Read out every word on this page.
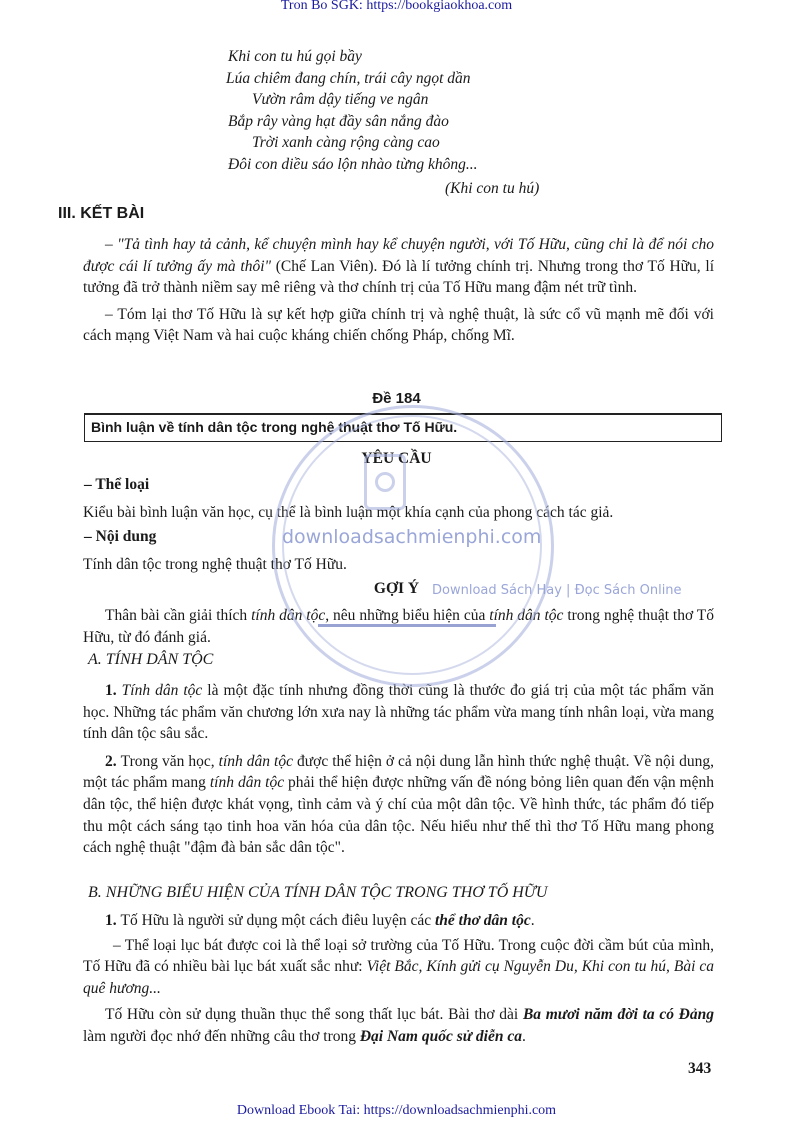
Tron Bo SGK: https://bookgiaokhoa.com
Khi con tu hú gọi bầy
Lúa chiêm đang chín, trái cây ngọt dần
Vườn râm dậy tiếng ve ngân
Bắp rây vàng hạt đầy sân nắng đào
Trời xanh càng rộng càng cao
Đôi con diều sáo lộn nhào từng không...
(Khi con tu hú)
III. KẾT BÀI
– "Tả tình hay tả cảnh, kể chuyện mình hay kể chuyện người, với Tố Hữu, cũng chỉ là để nói cho được cái lí tưởng ấy mà thôi" (Chế Lan Viên). Đó là lí tưởng chính trị. Nhưng trong thơ Tố Hữu, lí tưởng đã trở thành niềm say mê riêng và thơ chính trị của Tố Hữu mang đậm nét trữ tình.
– Tóm lại thơ Tố Hữu là sự kết hợp giữa chính trị và nghệ thuật, là sức cổ vũ mạnh mẽ đối với cách mạng Việt Nam và hai cuộc kháng chiến chống Pháp, chống Mĩ.
Đề 184
Bình luận về tính dân tộc trong nghệ thuật thơ Tố Hữu.
YÊU CẦU
– Thể loại
Kiểu bài bình luận văn học, cụ thể là bình luận một khía cạnh của phong cách tác giả.
– Nội dung
Tính dân tộc trong nghệ thuật thơ Tố Hữu.
GỢI Ý
Thân bài cần giải thích tính dân tộc, nêu những biểu hiện của tính dân tộc trong nghệ thuật thơ Tố Hữu, từ đó đánh giá.
A. TÍNH DÂN TỘC
1. Tính dân tộc là một đặc tính nhưng đồng thời cũng là thước đo giá trị của một tác phẩm văn học. Những tác phẩm văn chương lớn xưa nay là những tác phẩm vừa mang tính nhân loại, vừa mang tính dân tộc sâu sắc.
2. Trong văn học, tính dân tộc được thể hiện ở cả nội dung lẫn hình thức nghệ thuật. Về nội dung, một tác phẩm mang tính dân tộc phải thể hiện được những vấn đề nóng bỏng liên quan đến vận mệnh dân tộc, thể hiện được khát vọng, tình cảm và ý chí của một dân tộc. Về hình thức, tác phẩm đó tiếp thu một cách sáng tạo tinh hoa văn hóa của dân tộc. Nếu hiểu như thế thì thơ Tố Hữu mang phong cách nghệ thuật "đậm đà bản sắc dân tộc".
B. NHỮNG BIỂU HIỆN CỦA TÍNH DÂN TỘC TRONG THƠ TỐ HỮU
1. Tố Hữu là người sử dụng một cách điêu luyện các thể thơ dân tộc.
– Thể loại lục bát được coi là thể loại sở trường của Tố Hữu. Trong cuộc đời cầm bút của mình, Tố Hữu đã có nhiều bài lục bát xuất sắc như: Việt Bắc, Kính gửi cụ Nguyễn Du, Khi con tu hú, Bài ca quê hương...
Tố Hữu còn sử dụng thuần thục thể song thất lục bát. Bài thơ dài Ba mươi năm đời ta có Đảng làm người đọc nhớ đến những câu thơ trong Đại Nam quốc sử diễn ca.
343
Download Ebook Tai: https://downloadsachmienphi.com
downloadsachmienphi.com
Download Sách Hay | Đọc Sách Online
